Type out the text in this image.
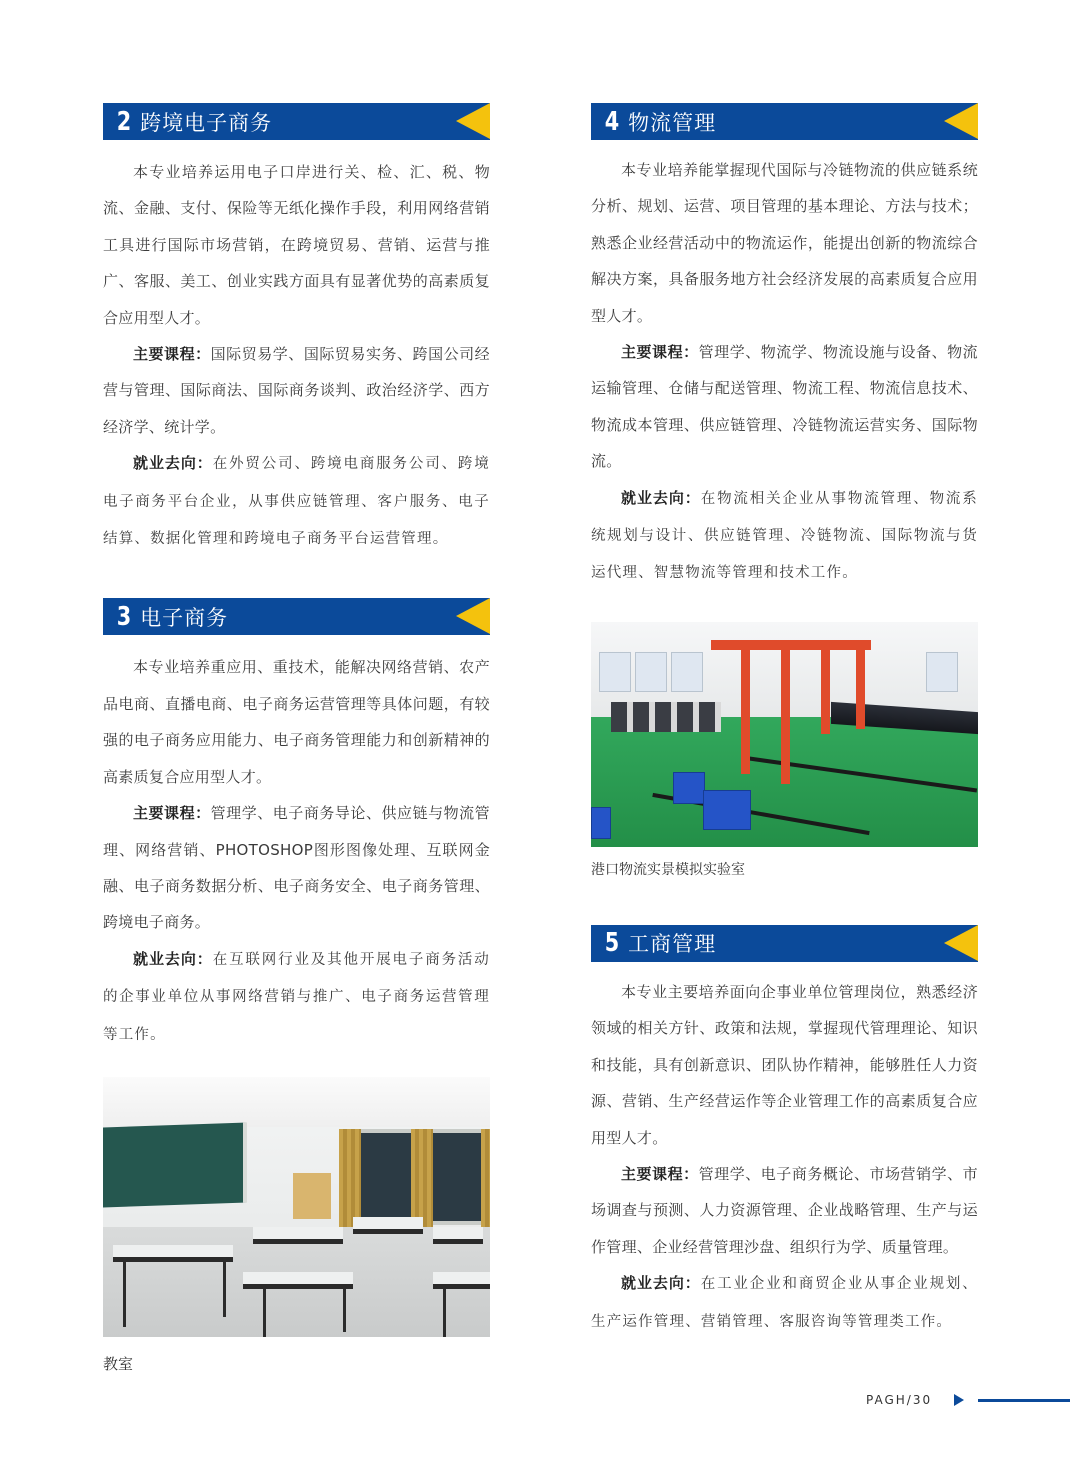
2 跨境电子商务

本专业培养运用电子口岸进行关、检、汇、税、物流、金融、支付、保险等无纸化操作手段，利用网络营销工具进行国际市场营销，在跨境贸易、营销、运营与推广、客服、美工、创业实践方面具有显著优势的高素质复合应用型人才。

主要课程：国际贸易学、国际贸易实务、跨国公司经营与管理、国际商法、国际商务谈判、政治经济学、西方经济学、统计学。

就业去向：在外贸公司、跨境电商服务公司、跨境电子商务平台企业，从事供应链管理、客户服务、电子结算、数据化管理和跨境电子商务平台运营管理。

3 电子商务

本专业培养重应用、重技术，能解决网络营销、农产品电商、直播电商、电子商务运营管理等具体问题，有较强的电子商务应用能力、电子商务管理能力和创新精神的高素质复合应用型人才。

主要课程：管理学、电子商务导论、供应链与物流管理、网络营销、PHOTOSHOP图形图像处理、互联网金融、电子商务数据分析、电子商务安全、电子商务管理、跨境电子商务。

就业去向：在互联网行业及其他开展电子商务活动的企事业单位从事网络营销与推广、电子商务运营管理等工作。

教室
4 物流管理

本专业培养能掌握现代国际与冷链物流的供应链系统分析、规划、运营、项目管理的基本理论、方法与技术；熟悉企业经营活动中的物流运作，能提出创新的物流综合解决方案，具备服务地方社会经济发展的高素质复合应用型人才。

主要课程：管理学、物流学、物流设施与设备、物流运输管理、仓储与配送管理、物流工程、物流信息技术、物流成本管理、供应链管理、冷链物流运营实务、国际物流。

就业去向：在物流相关企业从事物流管理、物流系统规划与设计、供应链管理、冷链物流、国际物流与货运代理、智慧物流等管理和技术工作。

港口物流实景模拟实验室
5 工商管理

本专业主要培养面向企事业单位管理岗位，熟悉经济领域的相关方针、政策和法规，掌握现代管理理论、知识和技能，具有创新意识、团队协作精神，能够胜任人力资源、营销、生产经营运作等企业管理工作的高素质复合应用型人才。

主要课程：管理学、电子商务概论、市场营销学、市场调查与预测、人力资源管理、企业战略管理、生产与运作管理、企业经营管理沙盘、组织行为学、质量管理。

就业去向：在工业企业和商贸企业从事企业规划、生产运作管理、营销管理、客服咨询等管理类工作。

PAGH/30
